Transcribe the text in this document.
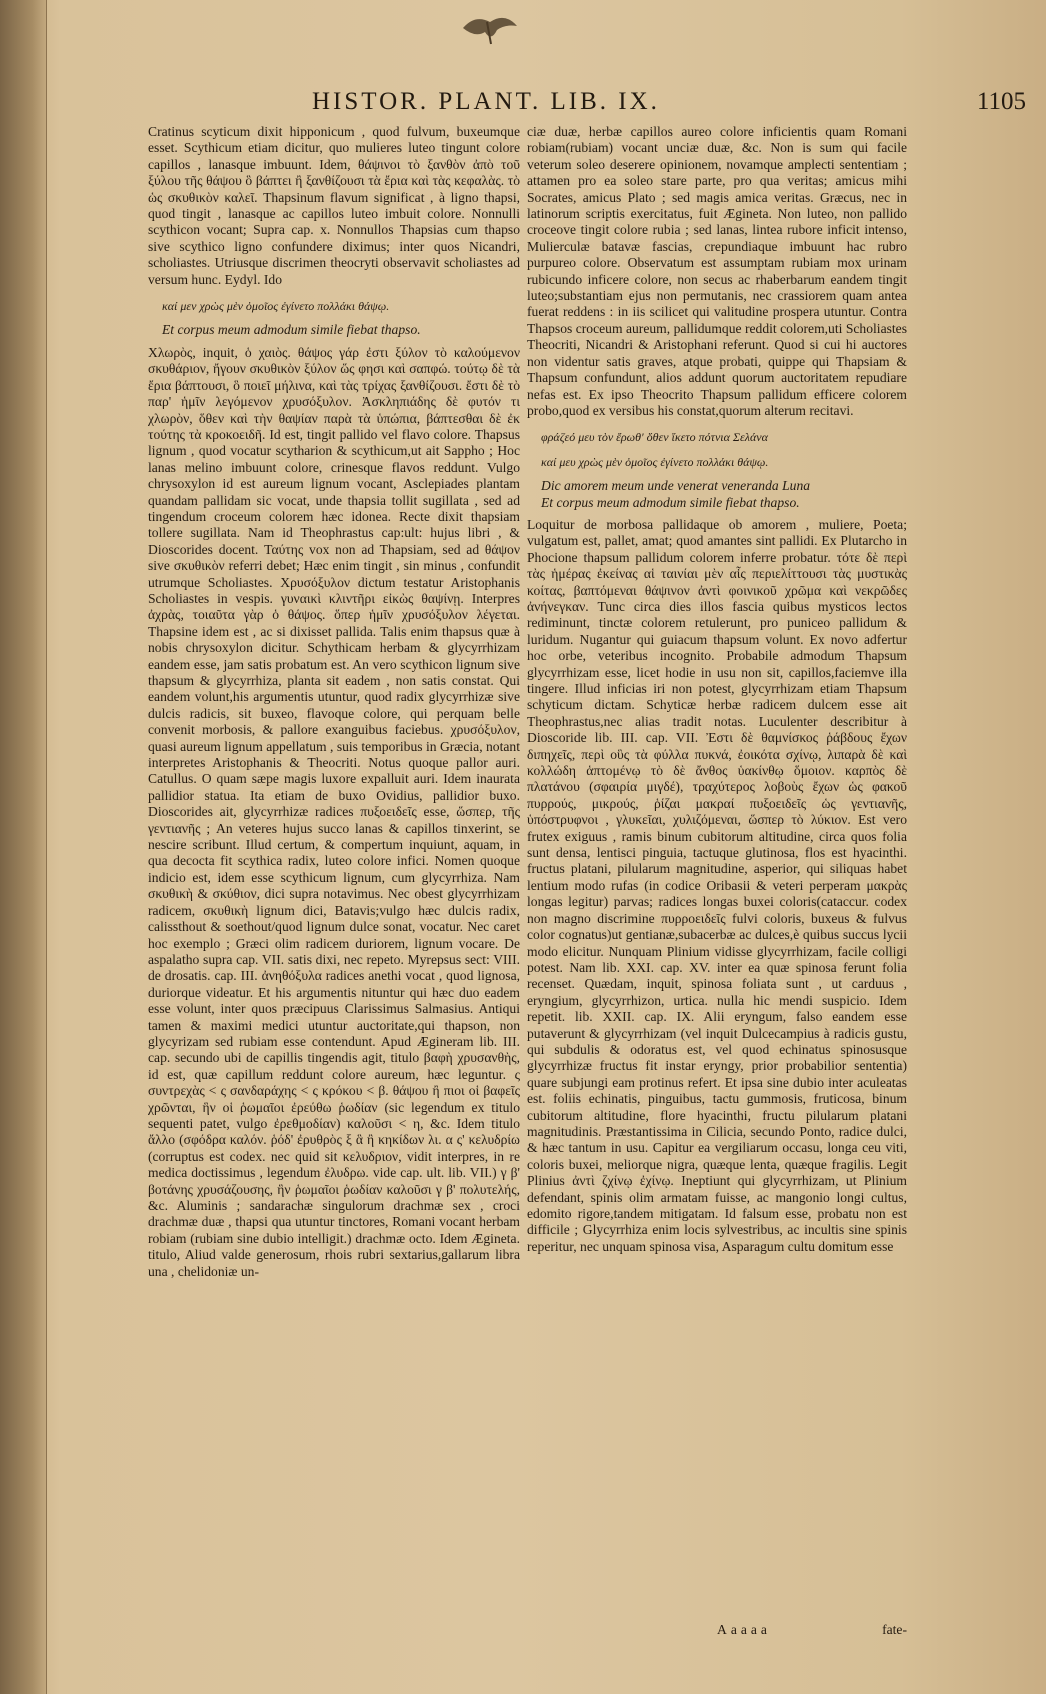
HISTOR. PLANT. LIB. IX.	1105

Cratinus scyticum dixit hipponicum , quod fulvum, buxeumque esset. Scythicum etiam dicitur, quo mulieres luteo tingunt colore capillos , lanasque imbuunt. Idem, θάψινοι τὸ ξανθὸν ἀπὸ τοῦ ξύλου τῆς θάψου ὃ βάπτει ἢ ξανθίζουσι τὰ ἔρια καὶ τὰς κεφαλὰς. τὸ ὡς σκυθικὸν καλεῖ. Thapsinum flavum significat , à ligno thapsi, quod tingit , lanasque ac capillos luteo imbuit colore. Nonnulli scythicon vocant; Supra cap. x. Nonnullos Thapsias cum thapso sive scythico ligno confundere diximus; inter quos Nicandri, scholiastes. Utriusque discrimen theocryti observavit scholiastes ad versum hunc. Eydyl. Ido

καί μεν χρὼς μὲν ὁμοῖος ἐγίνετο πολλάκι θάψῳ.
Et corpus meum admodum simile fiebat thapso.

Χλωρὸς, inquit, ὁ χαιὸς. θάψος γάρ ἐστι ξύλον τὸ καλούμενον σκυθάριον, ἤγουν σκυθικὸν ξύλον ὥς φησι καὶ σαπφώ. τούτῳ δὲ τὰ ἔρια βάπτουσι, ὃ ποιεῖ μήλινα, καὶ τὰς τρίχας ξανθίζουσι. ἔστι δὲ τὸ παρ' ἡμῖν λεγόμενον χρυσόξυλον. Ἀσκληπιάδης δὲ φυτόν τι χλωρὸν, ὅθεν καὶ τὴν θαψίαν παρὰ τὰ ὑπώπια, βάπτεσθαι δὲ ἐκ τούτης τὰ κροκοειδῆ. Id est, tingit pallido vel flavo colore. Thapsus lignum , quod vocatur scytharion & scythicum,ut ait Sappho ; Hoc lanas melino imbuunt colore, crinesque flavos reddunt. Vulgo chrysoxylon id est aureum lignum vocant, Asclepiades plantam quandam pallidam sic vocat, unde thapsia tollit sugillata , sed ad tingendum croceum colorem hæc idonea. Recte dixit thapsiam tollere sugillata. Nam id Theophrastus cap:ult: hujus libri , & Dioscorides docent. Ταύτης vox non ad Thapsiam, sed ad θάψον sive σκυθικὸν referri debet; Hæc enim tingit , sin minus , confundit utrumque Scholiastes. Χρυσόξυλον dictum testatur Aristophanis Scholiastes in vespis. γυναικὶ κλιντῆρι εἰκὼς θαψίνῃ. Interpres ἀχρὰς, τοιαῦτα γὰρ ὁ θάψος. ὅπερ ἡμῖν χρυσόξυλον λέγεται. Thapsine idem est , ac si dixisset pallida. Talis enim thapsus quæ à nobis chrysoxylon dicitur. Schythicam herbam & glycyrrhizam eandem esse, jam satis probatum est. An vero scythicon lignum sive thapsum & glycyrrhiza, planta sit eadem , non satis constat. Qui eandem volunt,his argumentis utuntur, quod radix glycyrrhizæ sive dulcis radicis, sit buxeo, flavoque colore, qui perquam belle convenit morbosis, & pallore exanguibus faciebus. χρυσόξυλον, quasi aureum lignum appellatum , suis temporibus in Græcia, notant interpretes Aristophanis & Theocriti. Notus quoque pallor auri. Catullus. O quam sæpe magis luxore expalluit auri. Idem inaurata pallidior statua. Ita etiam de buxo Ovidius, pallidior buxo. Dioscorides ait, glycyrrhizæ radices πυξοειδεῖς esse, ὥσπερ, τῆς γεντιανῆς ; An veteres hujus succo lanas & capillos tinxerint, se nescire scribunt. Illud certum, & compertum inquiunt, aquam, in qua decocta fit scythica radix, luteo colore infici. Nomen quoque indicio est, idem esse scythicum lignum, cum glycyrrhiza. Nam σκυθικὴ & σκύθιον, dici supra notavimus. Nec obest glycyrrhizam radicem, σκυθικὴ lignum dici, Batavis;vulgo hæc dulcis radix, calissthout & soethout/quod lignum dulce sonat, vocatur. Nec caret hoc exemplo ; Græci olim radicem duriorem, lignum vocare. De aspalatho supra cap. VII. satis dixi, nec repeto. Myrepsus sect: VIII. de drosatis. cap. III. ἀνηθόξυλα radices anethi vocat , quod lignosa, duriorque videatur. Et his argumentis nituntur qui hæc duo eadem esse volunt, inter quos præcipuus Clarissimus Salmasius. Antiqui tamen & maximi medici utuntur auctoritate,qui thapson, non glycyrizam sed rubiam esse contendunt. Apud Ægineram lib. III. cap. secundo ubi de capillis tingendis agit, titulo βαφὴ χρυσανθὴς, id est, quæ capillum reddunt colore aureum, hæc leguntur. ς συντρεχὰς < ς σανδαράχης < ς κρόκου < β. θάψου ἢ πιοι οἱ βαφεῖς χρῶνται, ἣν οἱ ῥωμαῖοι ἐρεύθω ῥωδίαν (sic legendum ex titulo sequenti patet, vulgo ἐρεθμοδίαν) καλοῦσι < η, &c. Idem titulo ἄλλο (σφόδρα καλόν. ῥόδ' ἐρυθρὸς ξ ἃ ἢ κηκίδων λι. α ς' κελυδρίω (corruptus est codex. nec quid sit κελυδριον, vidit interpres, in re medica doctissimus , legendum ἐλυδρω. vide cap. ult. lib. VII.) γ β' βοτάνης χρυσάζουσης, ἣν ῥωμαῖοι ῥωδίαν καλοῦσι γ β' πολυτελής, &c. Aluminis ; sandarachæ singulorum drachmæ sex , croci drachmæ duæ , thapsi qua utuntur tinctores, Romani vocant herbam robiam (rubiam sine dubio intelligit.) drachmæ octo. Idem Ægineta. titulo, Aliud valde generosum, rhois rubri sextarius,gallarum libra una , chelidoniæ un-

ciæ duæ, herbæ capillos aureo colore inficientis quam Romani robiam(rubiam) vocant unciæ duæ, &c. Non is sum qui facile veterum soleo deserere opinionem, novamque amplecti sententiam ; attamen pro ea soleo stare parte, pro qua veritas; amicus mihi Socrates, amicus Plato ; sed magis amica veritas. Græcus, nec in latinorum scriptis exercitatus, fuit Ægineta. Non luteo, non pallido croceove tingit colore rubia ; sed lanas, lintea rubore inficit intenso, Mulierculæ batavæ fascias, crepundiaque imbuunt hac rubro purpureo colore. Observatum est assumptam rubiam mox urinam rubicundo inficere colore, non secus ac rhaberbarum eandem tingit luteo;substantiam ejus non permutanis, nec crassiorem quam antea fuerat reddens : in iis scilicet qui valitudine prospera utuntur. Contra Thapsos croceum aureum, pallidumque reddit colorem,uti Scholiastes Theocriti, Nicandri & Aristophani referunt. Quod si cui hi auctores non videntur satis graves, atque probati, quippe qui Thapsiam & Thapsum confundunt, alios addunt quorum auctoritatem repudiare nefas est. Ex ipso Theocrito Thapsum pallidum efficere colorem probo,quod ex versibus his constat,quorum alterum recitavi.

φράζεό μευ τὸν ἔρωθ' ὅθεν ἵκετο πότνια Σελάνα
καί μευ χρὼς μὲν ὁμοῖος ἐγίνετο πολλάκι θάψῳ.
Dic amorem meum unde venerat veneranda Luna
Et corpus meum admodum simile fiebat thapso.

Loquitur de morbosa pallidaque ob amorem , muliere, Poeta; vulgatum est, pallet, amat; quod amantes sint pallidi. Ex Plutarcho in Phocione thapsum pallidum colorem inferre probatur. τότε δὲ περὶ τὰς ἡμέρας ἐκείνας αἱ ταινίαι μὲν αἷς περιελίττουσι τὰς μυστικὰς κοίτας, βαπτόμεναι θάψινον ἀντὶ φοινικοῦ χρῶμα καὶ νεκρῶδες ἀνήνεγκαν. Tunc circa dies illos fascia quibus mysticos lectos rediminunt, tinctæ colorem retulerunt, pro puniceo pallidum & luridum. Nugantur qui guiacum thapsum volunt. Ex novo adfertur hoc orbe, veteribus incognito. Probabile admodum Thapsum glycyrrhizam esse, licet hodie in usu non sit, capillos,faciemve illa tingere. Illud inficias iri non potest, glycyrrhizam etiam Thapsum schyticum dictam. Schyticæ herbæ radicem dulcem esse ait Theophrastus,nec alias tradit notas. Luculenter describitur à Dioscoride lib. III. cap. VII. Ἐστι δὲ θαμνίσκος ῥάβδους ἔχων διπηχεῖς, περὶ οὓς τὰ φύλλα πυκνά, ἐοικότα σχίνῳ, λιπαρὰ δὲ καὶ κολλώδη ἁπτομένῳ τὸ δὲ ἄνθος ὑακίνθῳ ὅμοιον. καρπὸς δὲ πλατάνου (σφαιρία μιγδέ), τραχύτερος λοβοὺς ἔχων ὡς φακοῦ πυρρούς, μικρούς, ῥίζαι μακραί πυξοειδεῖς ὡς γεντιανῆς, ὑπόστρυφνοι , γλυκεῖαι, χυλιζόμεναι, ὥσπερ τὸ λύκιον. Est vero frutex exiguus , ramis binum cubitorum altitudine, circa quos folia sunt densa, lentisci pinguia, tactuque glutinosa, flos est hyacinthi. fructus platani, pilularum magnitudine, asperior, qui siliquas habet lentium modo rufas (in codice Oribasii & veteri perperam μακρὰς longas legitur) parvas; radices longas buxei coloris(cataccur. codex non magno discrimine πυρροειδεῖς fulvi coloris, buxeus & fulvus color cognatus)ut gentianæ,subacerbæ ac dulces,è quibus succus lycii modo elicitur. Nunquam Plinium vidisse glycyrrhizam, facile colligi potest. Nam lib. XXI. cap. XV. inter ea quæ spinosa ferunt folia recenset. Quædam, inquit, spinosa foliata sunt , ut carduus , eryngium, glycyrrhizon, urtica. nulla hic mendi suspicio. Idem repetit. lib. XXII. cap. IX. Alii eryngum, falso eandem esse putaverunt & glycyrrhizam (vel inquit Dulcecampius à radicis gustu, qui subdulis & odoratus est, vel quod echinatus spinosusque glycyrrhizæ fructus fit instar eryngy, prior probabilior sententia) quare subjungi eam protinus refert. Et ipsa sine dubio inter aculeatas est. foliis echinatis, pinguibus, tactu gummosis, fruticosa, binum cubitorum altitudine, flore hyacinthi, fructu pilularum platani magnitudinis. Præstantissima in Cilicia, secundo Ponto, radice dulci, & hæc tantum in usu. Capitur ea vergiliarum occasu, longa ceu viti, coloris buxei, meliorque nigra, quæque lenta, quæque fragilis. Legit Plinius ἀντὶ ζχίνῳ ἐχίνῳ. Ineptiunt qui glycyrrhizam, ut Plinium defendant, spinis olim armatam fuisse, ac mangonio longi cultus, edomito rigore,tandem mitigatam. Id falsum esse, probatu non est difficile ; Glycyrrhiza enim locis sylvestribus, ac incultis sine spinis reperitur, nec unquam spinosa visa, Asparagum cultu domitum esse

Aaaaa	fate-
